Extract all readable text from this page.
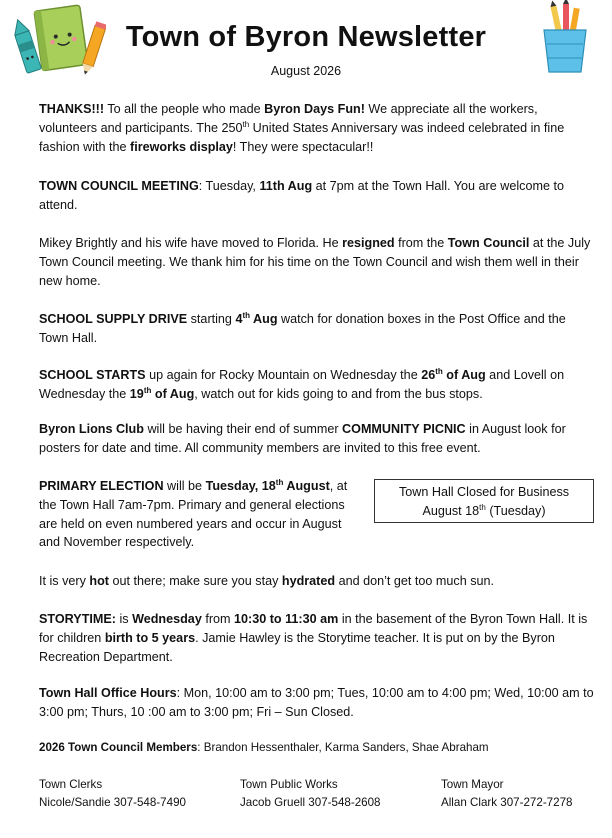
Town of Byron Newsletter
August 2026

THANKS!!! To all the people who made Byron Days Fun! We appreciate all the workers, volunteers and participants. The 250th United States Anniversary was indeed celebrated in fine fashion with the fireworks display! They were spectacular!!

TOWN COUNCIL MEETING: Tuesday, 11th Aug at 7pm at the Town Hall. You are welcome to attend.

Mikey Brightly and his wife have moved to Florida. He resigned from the Town Council at the July Town Council meeting. We thank him for his time on the Town Council and wish them well in their new home.

SCHOOL SUPPLY DRIVE starting 4th Aug watch for donation boxes in the Post Office and the Town Hall.

SCHOOL STARTS up again for Rocky Mountain on Wednesday the 26th of Aug and Lovell on Wednesday the 19th of Aug, watch out for kids going to and from the bus stops.

Byron Lions Club will be having their end of summer COMMUNITY PICNIC in August look for posters for date and time. All community members are invited to this free event.

PRIMARY ELECTION will be Tuesday, 18th August, at the Town Hall 7am-7pm. Primary and general elections are held on even numbered years and occur in August and November respectively.

Town Hall Closed for Business
August 18th (Tuesday)

It is very hot out there; make sure you stay hydrated and don’t get too much sun.

STORYTIME: is Wednesday from 10:30 to 11:30 am in the basement of the Byron Town Hall. It is for children birth to 5 years. Jamie Hawley is the Storytime teacher. It is put on by the Byron Recreation Department.

Town Hall Office Hours: Mon, 10:00 am to 3:00 pm; Tues, 10:00 am to 4:00 pm; Wed, 10:00 am to 3:00 pm; Thurs, 10 :00 am to 3:00 pm; Fri – Sun Closed.

2026 Town Council Members: Brandon Hessenthaler, Karma Sanders, Shae Abraham
Town Clerks
Nicole/Sandie 307-548-7490
Town Public Works
Jacob Gruell 307-548-2608
Town Mayor
Allan Clark 307-272-7278
